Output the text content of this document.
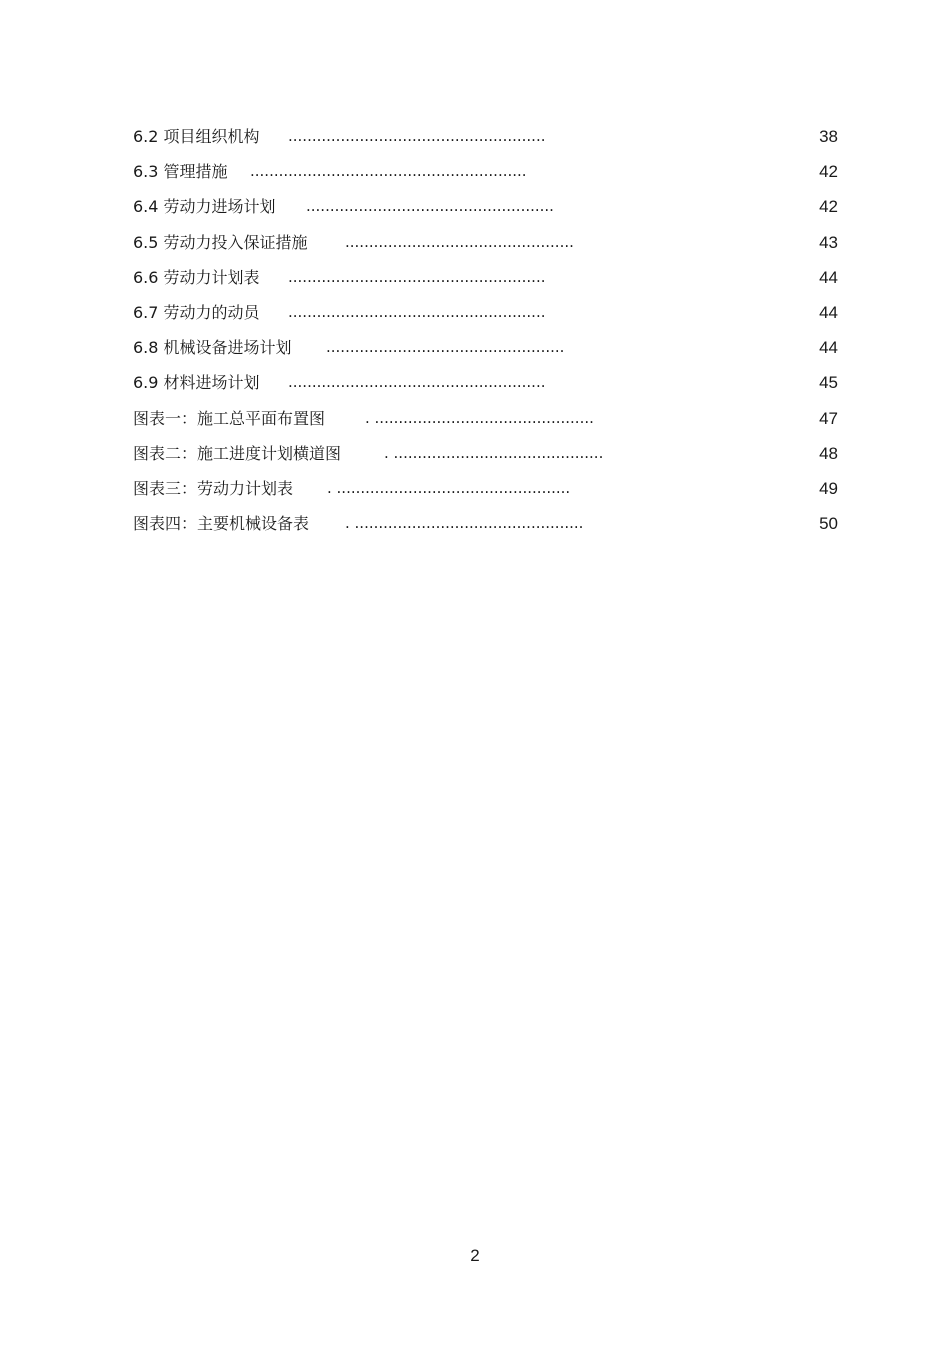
6.2 项目组织机构 ......................................................	38
6.3 管理措施 ..........................................................	42
6.4 劳动力进场计划 ....................................................	42
6.5 劳动力投入保证措施 ................................................	43
6.6 劳动力计划表 ......................................................	44
6.7 劳动力的动员 ......................................................	44
6.8 机械设备进场计划 ..................................................	44
6.9 材料进场计划 ......................................................	45
图表一：施工总平面布置图	. ..............................................	47
图表二：施工进度计划横道图	. ............................................	48
图表三：劳动力计划表 . .................................................	49
图表四：主要机械设备表 . ................................................	50
2
